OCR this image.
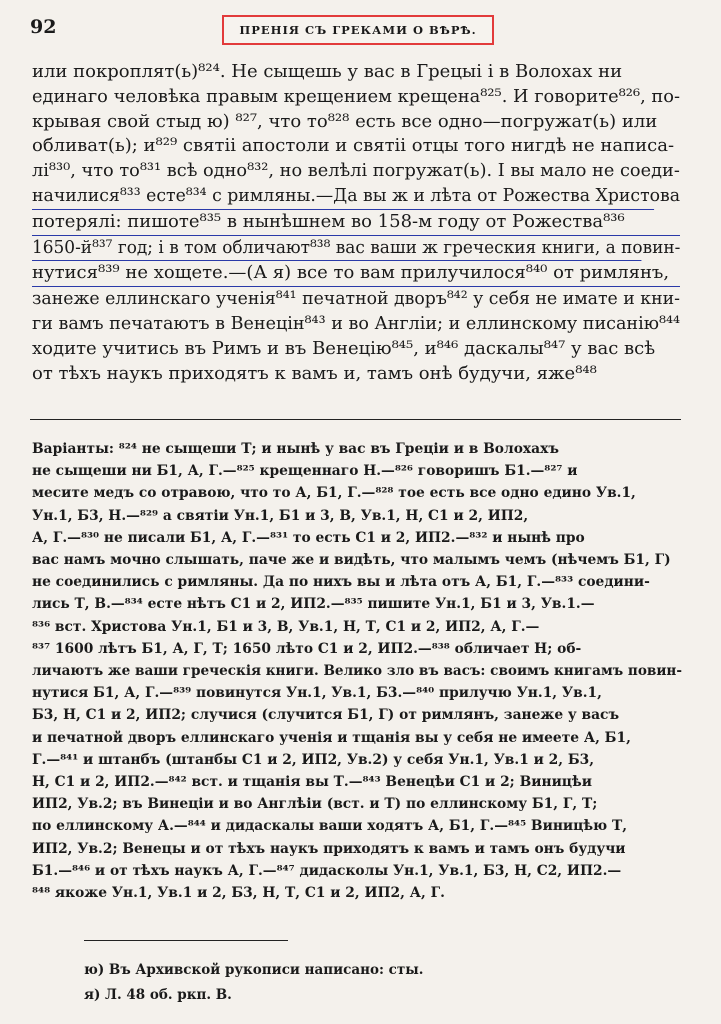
92	ПРЕНІЯ СЪ ГРЕКАМИ О ВѢРѢ.
или покроплят(ь)⁸²⁴. Не сыщешь у вас в Грецыі і в Волохах ни
единаго человѣка правым крещением крещена⁸²⁵. И говорите⁸²⁶, по-
крывая свой стыд ю) ⁸²⁷, что то⁸²⁸ есть все одно—погружат(ь) или
обливат(ь); и⁸²⁹ святіі апостоли и святіі отцы того нигдѣ не написа-
лі⁸³⁰, что то⁸³¹ всѣ одно⁸³², но велѣлі погружат(ь). І вы мало не соеди-
начилися⁸³³ есте⁸³⁴ с римляны.—Да вы ж и лѣта от Рожества Христова
потерялі: пишоте⁸³⁵ в нынѣшнем во 158-м году от Рожества⁸³⁶
1650-й⁸³⁷ год; і в том обличают⁸³⁸ вас ваши ж греческия книги, а повин-
нутися⁸³⁹ не хощете.—(А я) все то вам прилучилося⁸⁴⁰ от римлянъ,
занеже еллинскаго ученія⁸⁴¹ печатной дворъ⁸⁴² у себя не имате и кни-
ги вамъ печатаютъ в Венецін⁸⁴³ и во Англіи; и еллинскому писанію⁸⁴⁴
ходите учитись въ Римъ и въ Венецію⁸⁴⁵, и⁸⁴⁶ даскалы⁸⁴⁷ у вас всѣ
от тѣхъ наукъ приходятъ к вамъ и, тамъ онѣ будучи, яже⁸⁴⁸
Варіанты: ⁸²⁴ не сыщеши Т; и нынѣ у вас въ Греціи и в Волохахъ
не сыщеши ни Б1, А, Г.—⁸²⁵ крещеннаго Н.—⁸²⁶ говоришъ Б1.—⁸²⁷ и
месите медъ со отравою, что то А, Б1, Г.—⁸²⁸ тое есть все одно едино Ув.1,
Ун.1, Б3, Н.—⁸²⁹ а святіи Ун.1, Б1 и 3, В, Ув.1, Н, С1 и 2, ИП2,
А, Г.—⁸³⁰ не писали Б1, А, Г.—⁸³¹ то есть С1 и 2, ИП2.—⁸³² и нынѣ про
вас намъ мочно слышать, паче же и видѣть, что малымъ чемъ (нѣчемъ Б1, Г)
не соединились с римляны. Да по нихъ вы и лѣта отъ А, Б1, Г.—⁸³³ соедини-
лись Т, В.—⁸³⁴ есте нѣтъ С1 и 2, ИП2.—⁸³⁵ пишите Ун.1, Б1 и 3, Ув.1.—
⁸³⁶ вст. Христова Ун.1, Б1 и 3, В, Ув.1, Н, Т, С1 и 2, ИП2, А, Г.—
⁸³⁷ 1600 лѣтъ Б1, А, Г, Т; 1650 лѣто С1 и 2, ИП2.—⁸³⁸ обличает Н; об-
личаютъ же ваши греческія книги. Велико зло въ васъ: своимъ книгамъ повин-
нутися Б1, А, Г.—⁸³⁹ повинутся Ун.1, Ув.1, Б3.—⁸⁴⁰ прилучю Ун.1, Ув.1,
Б3, Н, С1 и 2, ИП2; случися (случится Б1, Г) от римлянъ, занеже у васъ
и печатной дворъ еллинскаго ученія и тщанія вы у себя не имеете А, Б1,
Г.—⁸⁴¹ и штанбъ (штанбы С1 и 2, ИП2, Ув.2) у себя Ун.1, Ув.1 и 2, Б3,
Н, С1 и 2, ИП2.—⁸⁴² вст. и тщанія вы Т.—⁸⁴³ Венецѣи С1 и 2; Виницѣи
ИП2, Ув.2; въ Винеціи и во Англѣіи (вст. и Т) по еллинскому Б1, Г, Т;
по еллинскому А.—⁸⁴⁴ и дидаскалы ваши ходятъ А, Б1, Г.—⁸⁴⁵ Виницѣю Т,
ИП2, Ув.2; Венецы и от тѣхъ наукъ приходятъ к вамъ и тамъ онъ будучи
Б1.—⁸⁴⁶ и от тѣхъ наукъ А, Г.—⁸⁴⁷ дидасколы Ун.1, Ув.1, Б3, Н, С2, ИП2.—
⁸⁴⁸ якоже Ун.1, Ув.1 и 2, Б3, Н, Т, С1 и 2, ИП2, А, Г.
ю) Въ Архивской рукописи написано: сты.
я) Л. 48 об. ркп. В.
